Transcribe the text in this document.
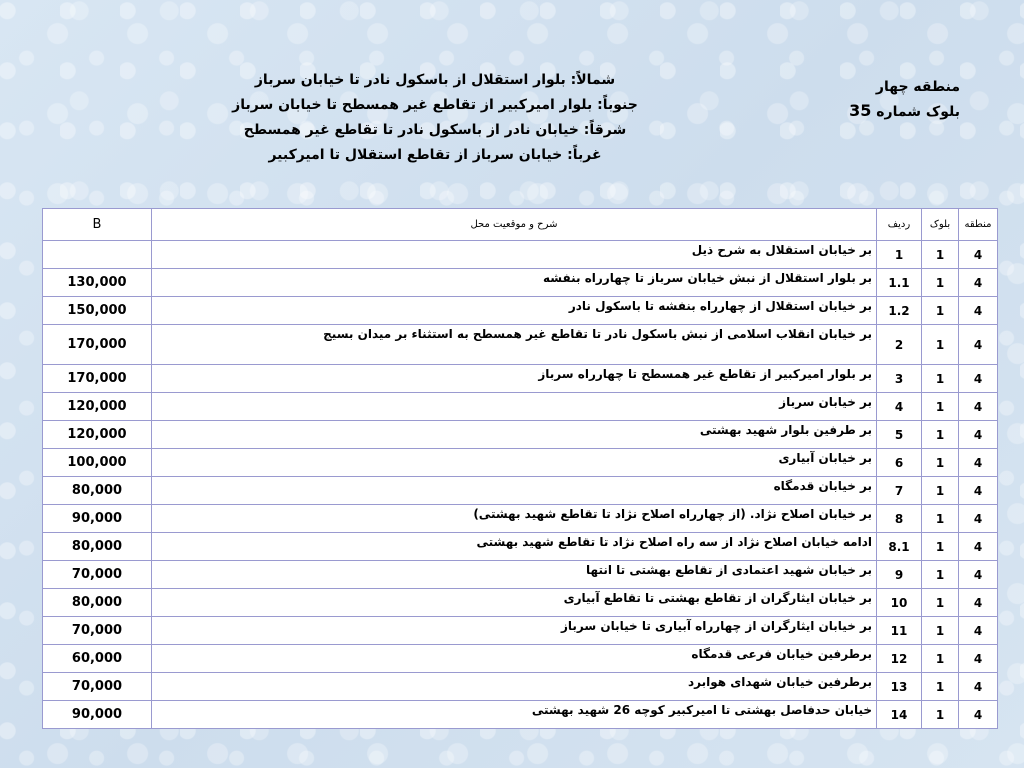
شمالاً: بلوار استقلال از باسکول نادر تا خیابان سرباز
جنوباً: بلوار امیرکبیر از تقاطع غیر همسطح تا خیابان سرباز
شرقاً: خیابان نادر از باسکول نادر تا تقاطع غیر همسطح
غرباً: خیابان سرباز از تقاطع استقلال تا امیرکبیر
منطقه چهار
بلوک شماره 35
منطقه	بلوک	ردیف	شرح و موقعیت محل	B
4	1	1	بر خیابان استقلال به شرح ذیل	
4	1	1.1	بر بلوار استقلال از نبش خیابان سرباز تا چهارراه بنفشه	130,000
4	1	1.2	بر خیابان استقلال از چهارراه بنفشه تا باسکول نادر	150,000
4	1	2	بر خیابان انقلاب اسلامی از نبش باسکول نادر تا تقاطع غیر همسطح به استثناء بر میدان بسیج	170,000
4	1	3	بر بلوار امیرکبیر از تقاطع غیر همسطح تا چهارراه سرباز	170,000
4	1	4	بر خیابان سرباز	120,000
4	1	5	بر طرفین بلوار شهید بهشتی	120,000
4	1	6	بر خیابان آبیاری	100,000
4	1	7	بر خیابان قدمگاه	80,000
4	1	8	بر خیابان اصلاح نژاد. (از چهارراه اصلاح نژاد تا تقاطع شهید بهشتی)	90,000
4	1	8.1	ادامه خیابان اصلاح نژاد از سه راه اصلاح نژاد تا تقاطع شهید بهشتی	80,000
4	1	9	بر خیابان شهید اعتمادی از تقاطع بهشتی تا انتها	70,000
4	1	10	بر خیابان ایثارگران از تقاطع بهشتی تا تقاطع آبیاری	80,000
4	1	11	بر خیابان ایثارگران از چهارراه آبیاری تا خیابان سرباز	70,000
4	1	12	برطرفین خیابان فرعی قدمگاه	60,000
4	1	13	برطرفین خیابان شهدای هوابرد	70,000
4	1	14	خیابان حدفاصل بهشتی تا امیرکبیر کوچه 26 شهید بهشتی	90,000
